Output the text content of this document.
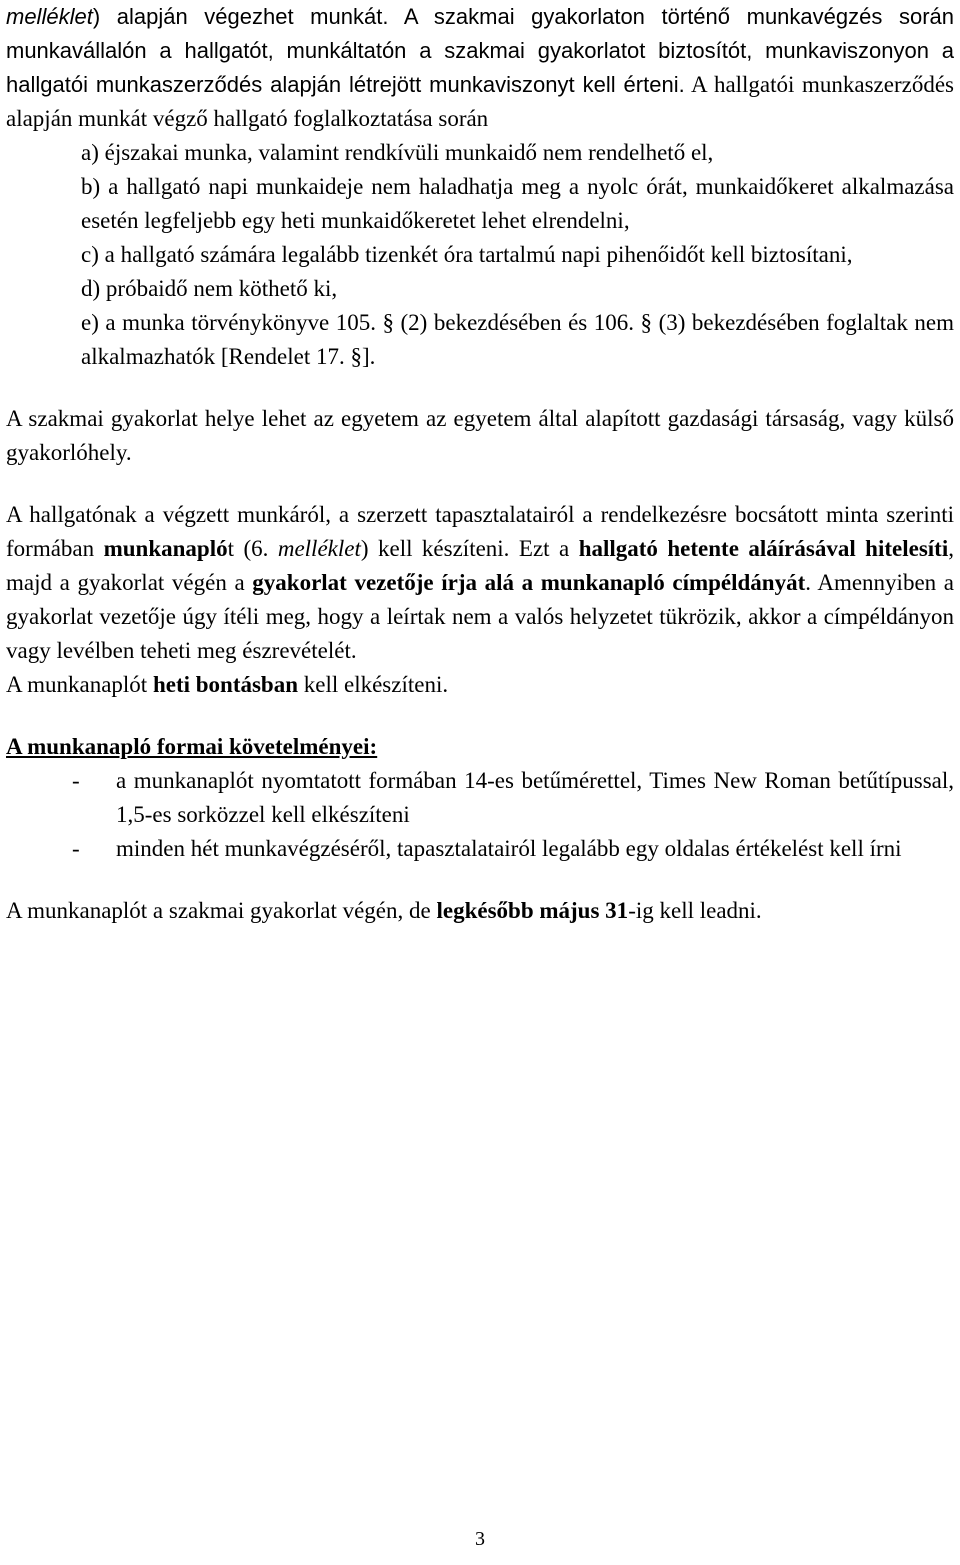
melléklet) alapján végezhet munkát. A szakmai gyakorlaton történő munkavégzés során munkavállalón a hallgatót, munkáltatón a szakmai gyakorlatot biztosítót, munkaviszonyon a hallgatói munkaszerződés alapján létrejött munkaviszonyt kell érteni. A hallgatói munkaszerződés alapján munkát végző hallgató foglalkoztatása során

a) éjszakai munka, valamint rendkívüli munkaidő nem rendelhető el,

b) a hallgató napi munkaideje nem haladhatja meg a nyolc órát, munkaidőkeret alkalmazása esetén legfeljebb egy heti munkaidőkeretet lehet elrendelni,

c) a hallgató számára legalább tizenkét óra tartalmú napi pihenőidőt kell biztosítani,

d) próbaidő nem köthető ki,

e) a munka törvénykönyve 105. § (2) bekezdésében és 106. § (3) bekezdésében foglaltak nem alkalmazhatók [Rendelet 17. §].

A szakmai gyakorlat helye lehet az egyetem az egyetem által alapított gazdasági társaság, vagy külső gyakorlóhely.

A hallgatónak a végzett munkáról, a szerzett tapasztalatairól a rendelkezésre bocsátott minta szerinti formában munkanaplót (6. melléklet) kell készíteni. Ezt a hallgató hetente aláírásával hitelesíti, majd a gyakorlat végén a gyakorlat vezetője írja alá a munkanapló címpéldányát. Amennyiben a gyakorlat vezetője úgy ítéli meg, hogy a leírtak nem a valós helyzetet tükrözik, akkor a címpéldányon vagy levélben teheti meg észrevételét.

A munkanaplót heti bontásban kell elkészíteni.

A munkanapló formai követelményei:

- a munkanaplót nyomtatott formában 14-es betűmérettel, Times New Roman betűtípussal, 1,5-es sorközzel kell elkészíteni
- minden hét munkavégzéséről, tapasztalatairól legalább egy oldalas értékelést kell írni

A munkanaplót a szakmai gyakorlat végén, de legkésőbb május 31-ig kell leadni.

3
